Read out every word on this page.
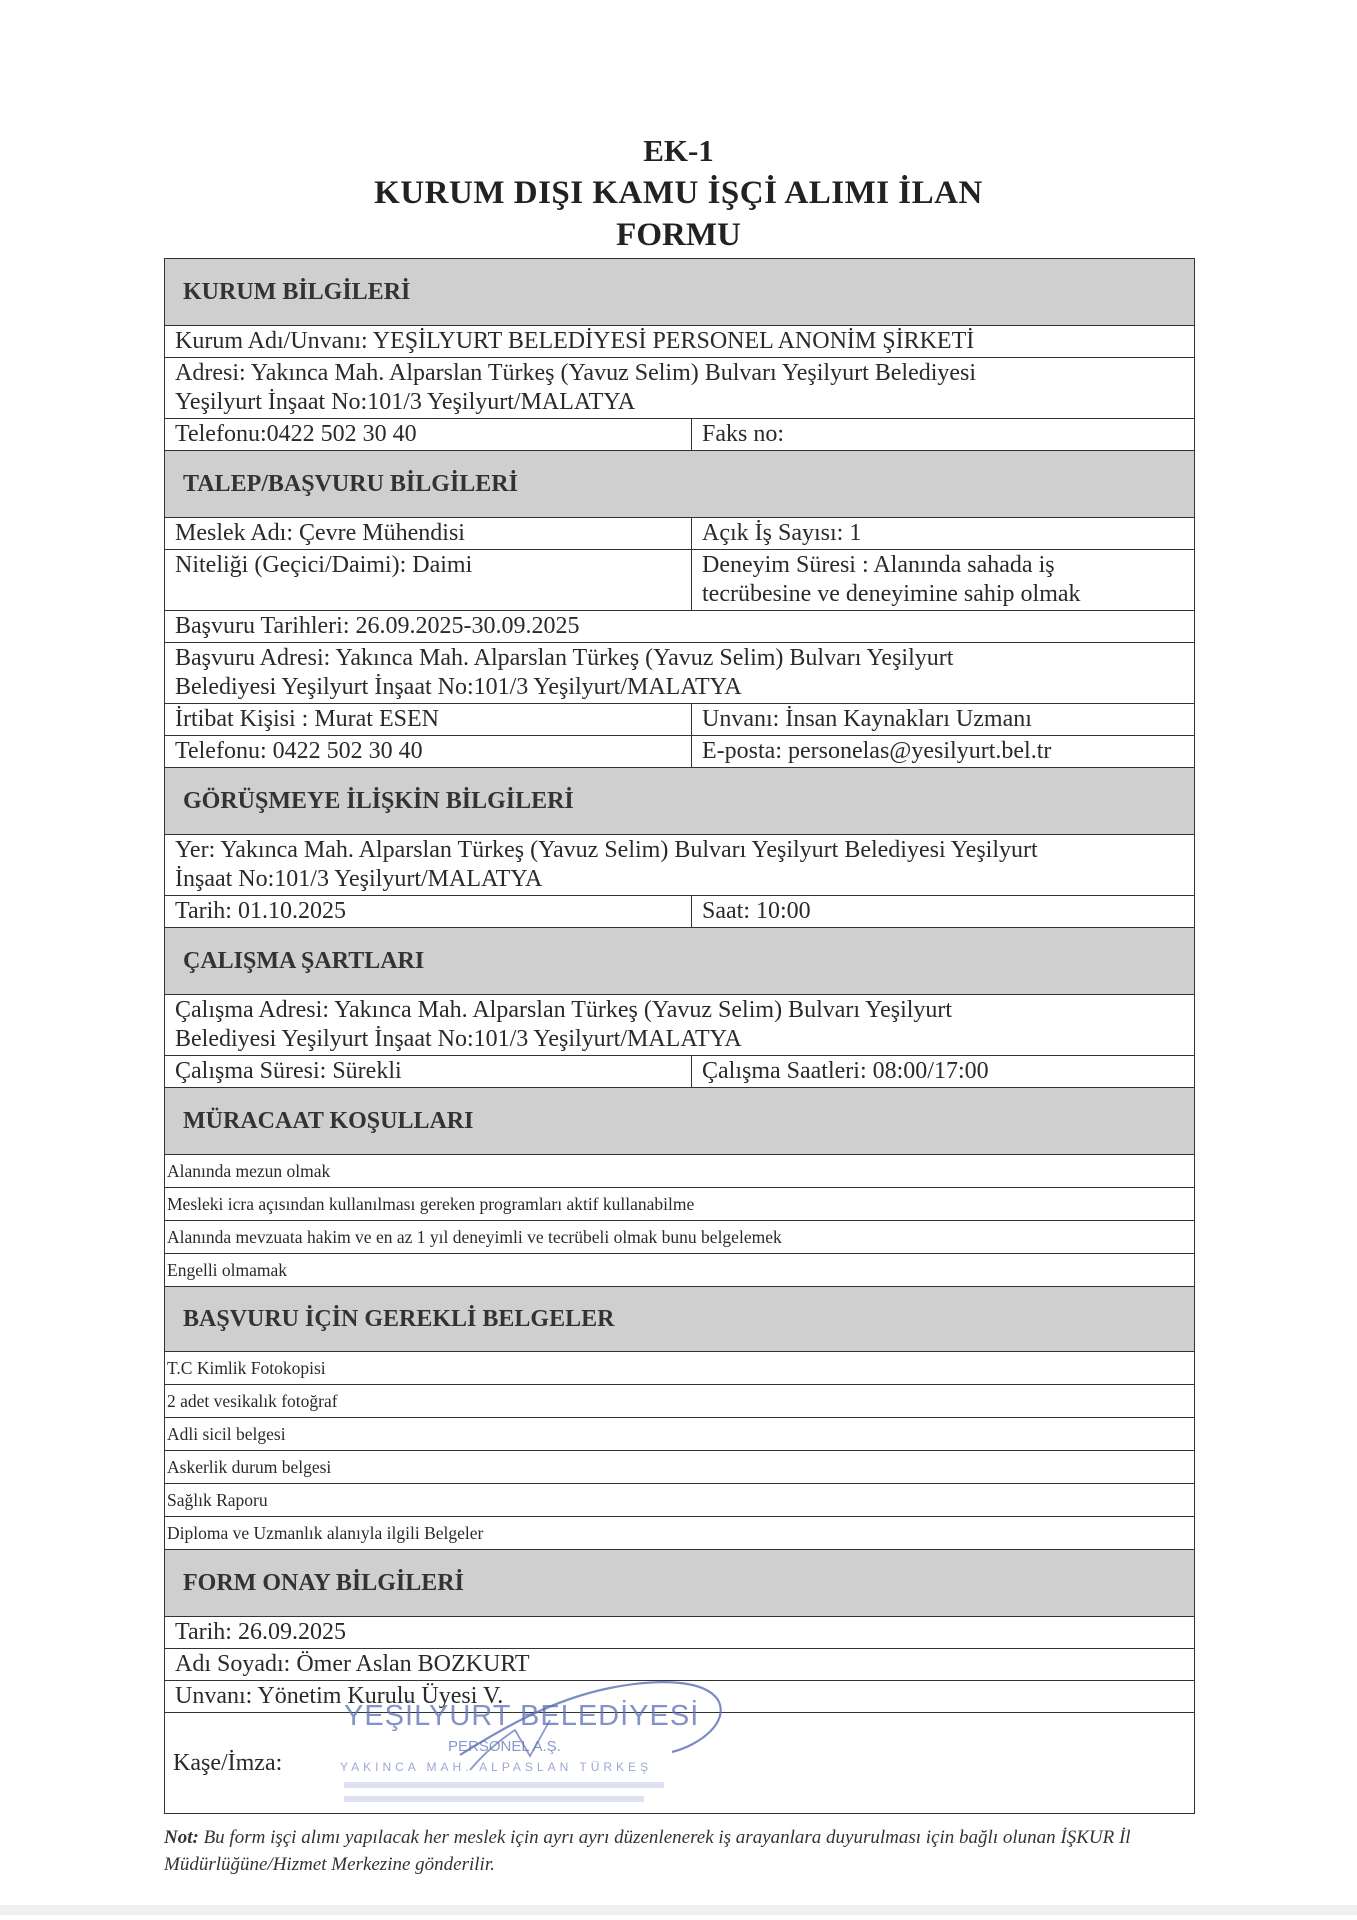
EK-1
KURUM DIŞI KAMU İŞÇİ ALIMI İLAN
FORMU
KURUM BİLGİLERİ
Kurum Adı/Unvanı: YEŞİLYURT BELEDİYESİ PERSONEL ANONİM ŞİRKETİ
Adresi: Yakınca Mah. Alparslan Türkeş (Yavuz Selim) Bulvarı Yeşilyurt Belediyesi
Yeşilyurt İnşaat No:101/3 Yeşilyurt/MALATYA
Telefonu:0422 502 30 40	Faks no:
TALEP/BAŞVURU BİLGİLERİ
Meslek Adı: Çevre Mühendisi	Açık İş Sayısı: 1
Niteliği (Geçici/Daimi): Daimi	Deneyim Süresi : Alanında sahada iş
tecrübesine ve deneyimine sahip olmak
Başvuru Tarihleri: 26.09.2025-30.09.2025
Başvuru Adresi: Yakınca Mah. Alparslan Türkeş (Yavuz Selim) Bulvarı Yeşilyurt
Belediyesi Yeşilyurt İnşaat No:101/3 Yeşilyurt/MALATYA
İrtibat Kişisi : Murat ESEN	Unvanı: İnsan Kaynakları Uzmanı
Telefonu: 0422 502 30 40	E-posta: personelas@yesilyurt.bel.tr
GÖRÜŞMEYE İLİŞKİN BİLGİLERİ
Yer: Yakınca Mah. Alparslan Türkeş (Yavuz Selim) Bulvarı Yeşilyurt Belediyesi Yeşilyurt
İnşaat No:101/3 Yeşilyurt/MALATYA
Tarih: 01.10.2025	Saat: 10:00
ÇALIŞMA ŞARTLARI
Çalışma Adresi: Yakınca Mah. Alparslan Türkeş (Yavuz Selim) Bulvarı Yeşilyurt
Belediyesi Yeşilyurt İnşaat No:101/3 Yeşilyurt/MALATYA
Çalışma Süresi: Sürekli	Çalışma Saatleri: 08:00/17:00
MÜRACAAT KOŞULLARI
Alanında mezun olmak
Mesleki icra açısından kullanılması gereken programları aktif kullanabilme
Alanında mevzuata hakim ve en az 1 yıl deneyimli ve tecrübeli olmak bunu belgelemek
Engelli olmamak
BAŞVURU İÇİN GEREKLİ BELGELER
T.C Kimlik Fotokopisi
2 adet vesikalık fotoğraf
Adli sicil belgesi
Askerlik durum belgesi
Sağlık Raporu
Diploma ve Uzmanlık alanıyla ilgili Belgeler
FORM ONAY BİLGİLERİ
Tarih: 26.09.2025
Adı Soyadı: Ömer Aslan BOZKURT
Unvanı: Yönetim Kurulu Üyesi V.
Kaşe/İmza:
YEŞİLYURT BELEDİYESİ
PERSONEL A.Ş.
YAKINCA MAH. ALPASLAN TÜRKEŞ
Not: Bu form işçi alımı yapılacak her meslek için ayrı ayrı düzenlenerek iş arayanlara duyurulması için bağlı olunan İŞKUR İl Müdürlüğüne/Hizmet Merkezine gönderilir.
